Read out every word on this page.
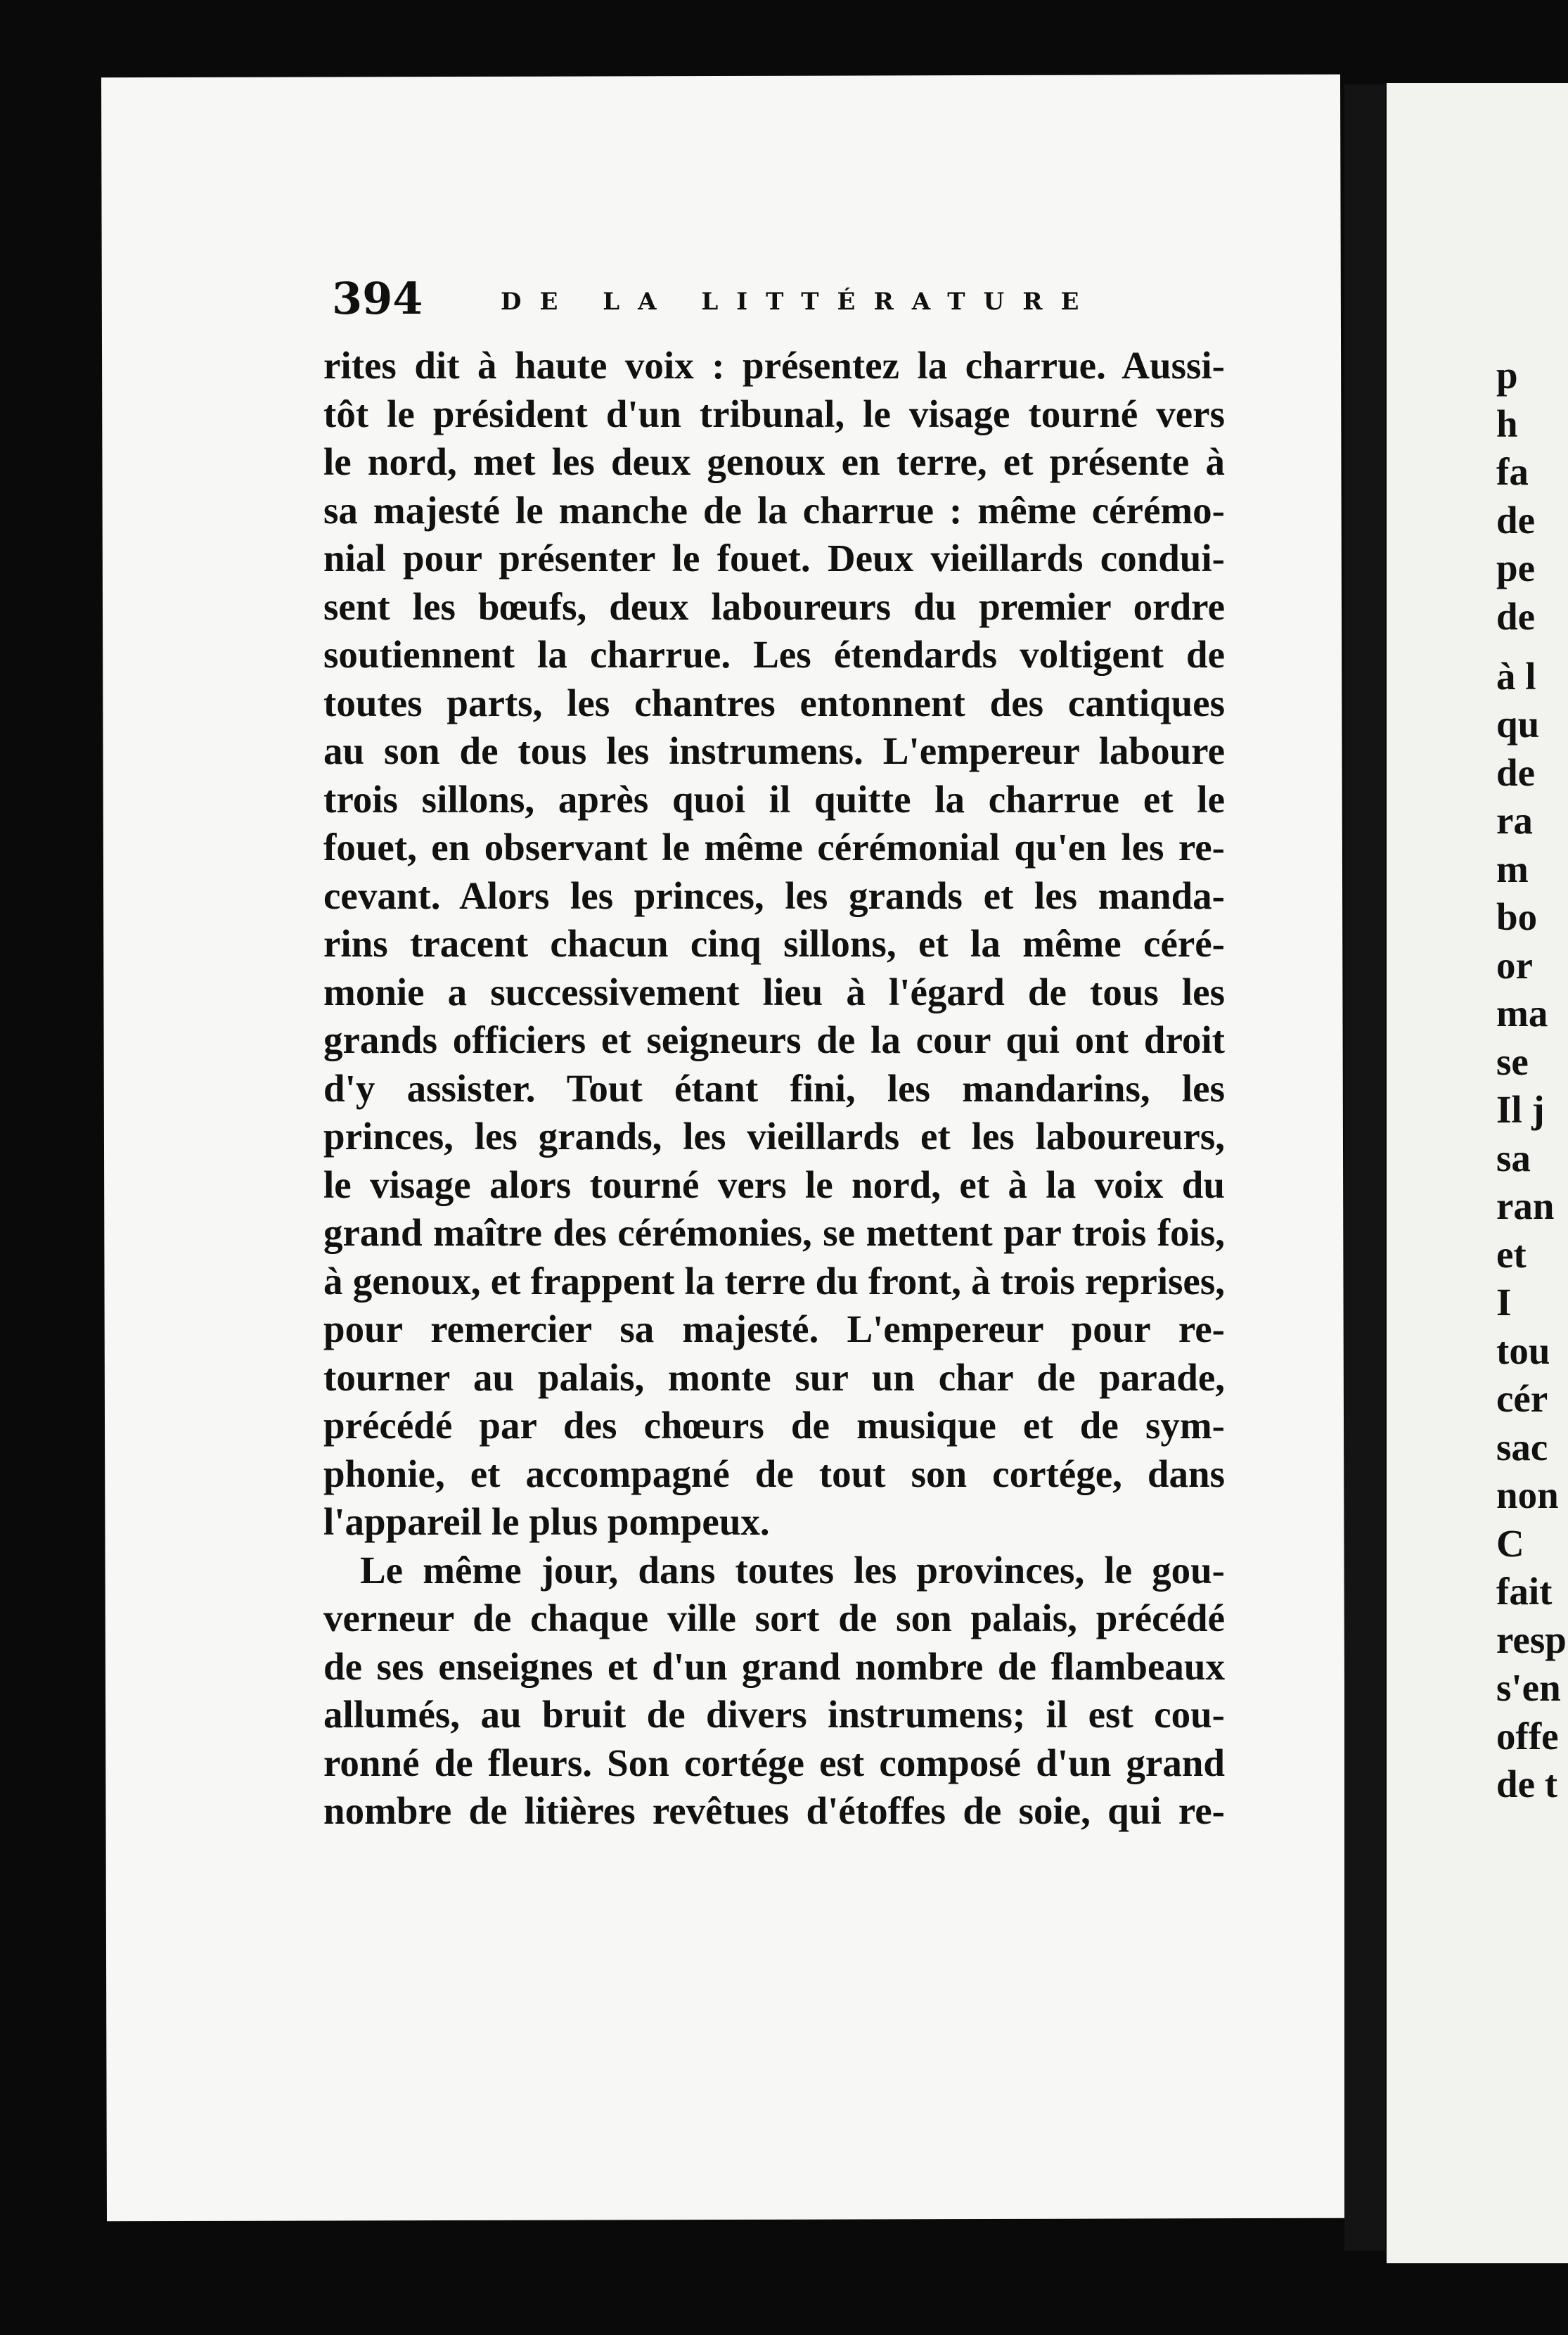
394	DE LA LITTÉRATURE
rites dit à haute voix : présentez la charrue. Aussi-
tôt le président d'un tribunal, le visage tourné vers
le nord, met les deux genoux en terre, et présente à
sa majesté le manche de la charrue : même cérémo-
nial pour présenter le fouet. Deux vieillards condui-
sent les bœufs, deux laboureurs du premier ordre
soutiennent la charrue. Les étendards voltigent de
toutes parts, les chantres entonnent des cantiques
au son de tous les instrumens. L'empereur laboure
trois sillons, après quoi il quitte la charrue et le
fouet, en observant le même cérémonial qu'en les re-
cevant. Alors les princes, les grands et les manda-
rins tracent chacun cinq sillons, et la même céré-
monie a successivement lieu à l'égard de tous les
grands officiers et seigneurs de la cour qui ont droit
d'y assister. Tout étant fini, les mandarins, les
princes, les grands, les vieillards et les laboureurs,
le visage alors tourné vers le nord, et à la voix du
grand maître des cérémonies, se mettent par trois fois,
à genoux, et frappent la terre du front, à trois reprises,
pour remercier sa majesté. L'empereur pour re-
tourner au palais, monte sur un char de parade,
précédé par des chœurs de musique et de sym-
phonie, et accompagné de tout son cortége, dans
l'appareil le plus pompeux.
Le même jour, dans toutes les provinces, le gou-
verneur de chaque ville sort de son palais, précédé
de ses enseignes et d'un grand nombre de flambeaux
allumés, au bruit de divers instrumens; il est cou-
ronné de fleurs. Son cortége est composé d'un grand
nombre de litières revêtues d'étoffes de soie, qui re-
p
h
fa
de
pe
de
à l
qu
de
ra
m
bo
or
ma
se
Il j
sa
ran
et
I
tou
cér
sac
non
C
fait
resp
s'en
offe
de t
